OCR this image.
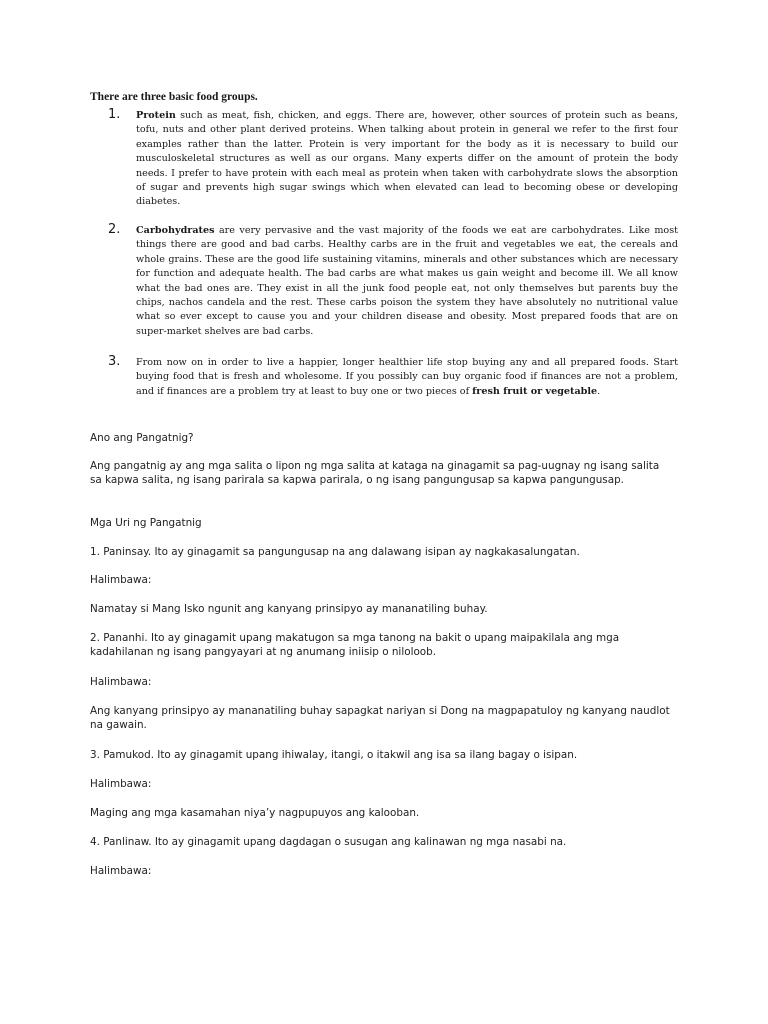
There are three basic food groups.
1.	Protein such as meat, fish, chicken, and eggs. There are, however, other sources of protein such as beans, tofu, nuts and other plant derived proteins. When talking about protein in general we refer to the first four examples rather than the latter. Protein is very important for the body as it is necessary to build our musculoskeletal structures as well as our organs. Many experts differ on the amount of protein the body needs. I prefer to have protein with each meal as protein when taken with carbohydrate slows the absorption of sugar and prevents high sugar swings which when elevated can lead to becoming obese or developing diabetes.
2.	Carbohydrates are very pervasive and the vast majority of the foods we eat are carbohydrates. Like most things there are good and bad carbs. Healthy carbs are in the fruit and vegetables we eat, the cereals and whole grains. These are the good life sustaining vitamins, minerals and other substances which are necessary for function and adequate health. The bad carbs are what makes us gain weight and become ill. We all know what the bad ones are. They exist in all the junk food people eat, not only themselves but parents buy the chips, nachos candela and the rest. These carbs poison the system they have absolutely no nutritional value what so ever except to cause you and your children disease and obesity. Most prepared foods that are on super-market shelves are bad carbs.
3.	From now on in order to live a happier, longer healthier life stop buying any and all prepared foods. Start buying food that is fresh and wholesome. If you possibly can buy organic food if finances are not a problem, and if finances are a problem try at least to buy one or two pieces of fresh fruit or vegetable.

Ano ang Pangatnig?

Ang pangatnig ay ang mga salita o lipon ng mga salita at kataga na ginagamit sa pag-uugnay ng isang salita sa kapwa salita, ng isang parirala sa kapwa parirala, o ng isang pangungusap sa kapwa pangungusap.

Mga Uri ng Pangatnig

1. Paninsay. Ito ay ginagamit sa pangungusap na ang dalawang isipan ay nagkakasalungatan.

Halimbawa:

Namatay si Mang Isko ngunit ang kanyang prinsipyo ay mananatiling buhay.

2. Pananhi. Ito ay ginagamit upang makatugon sa mga tanong na bakit o upang maipakilala ang mga kadahilanan ng isang pangyayari at ng anumang iniisip o niloloob.

Halimbawa:

Ang kanyang prinsipyo ay mananatiling buhay sapagkat nariyan si Dong na magpapatuloy ng kanyang naudlot na gawain.

3. Pamukod. Ito ay ginagamit upang ihiwalay, itangi, o itakwil ang isa sa ilang bagay o isipan.

Halimbawa:

Maging ang mga kasamahan niya’y nagpupuyos ang kalooban.

4. Panlinaw. Ito ay ginagamit upang dagdagan o susugan ang kalinawan ng mga nasabi na.

Halimbawa:
